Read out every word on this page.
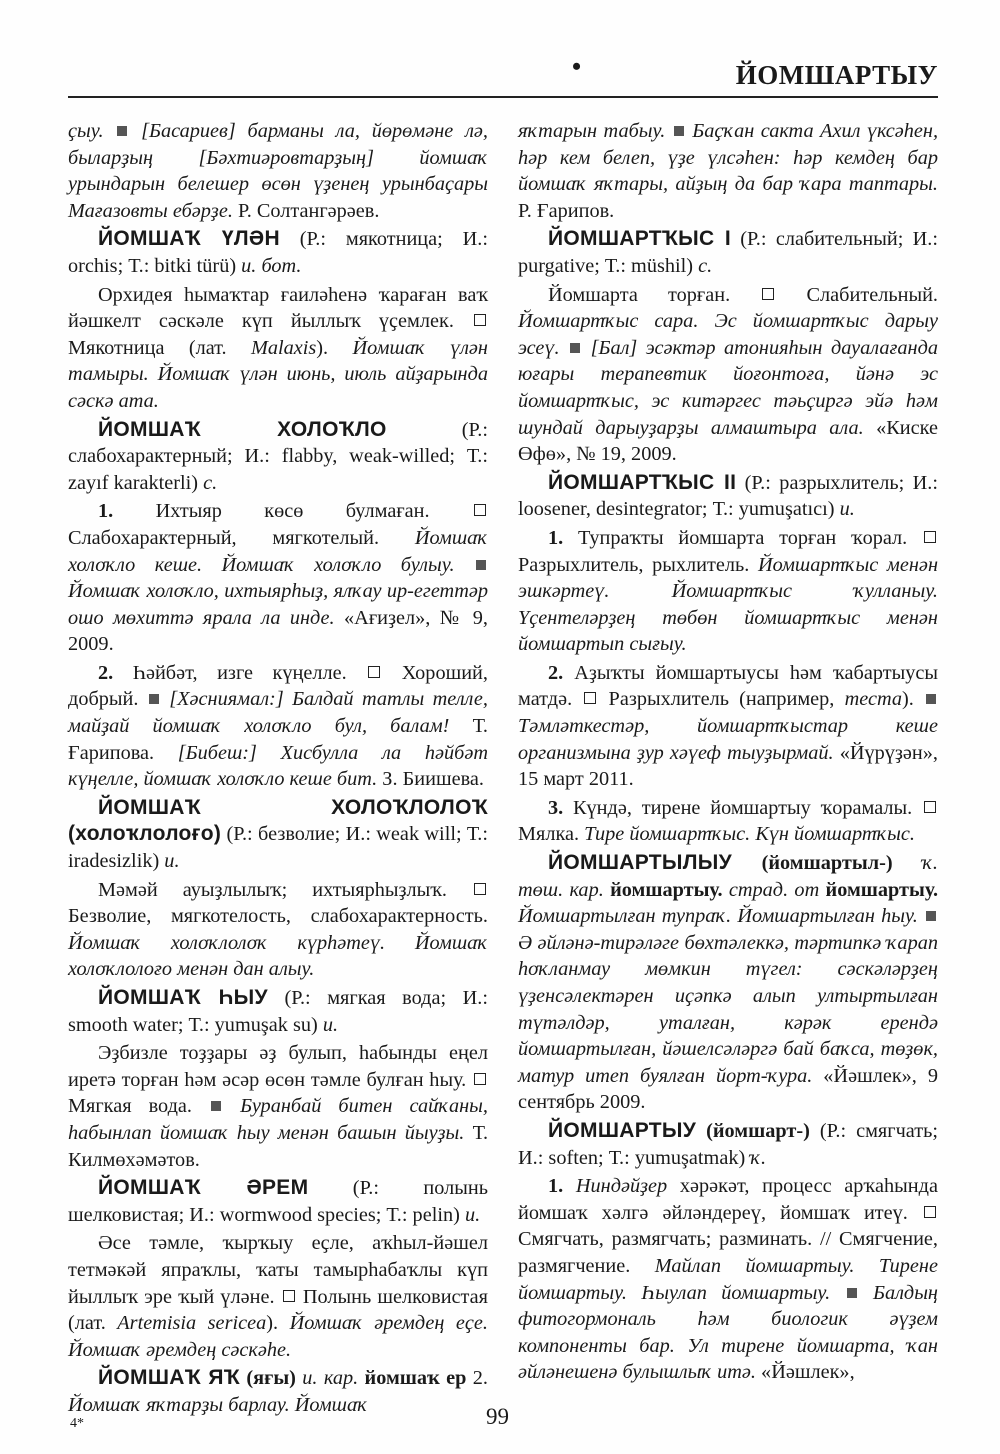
•	ЙОМШАРТЫУ

ҫыу. [Басариев] барманы ла, йөрөмәне лә, быларҙың [Бәхтиәровтарҙың] йомшаҡ урындарын белешер өсөн үҙенең урынбаҫары Мағазовты ебәрҙе. Р. Солтангәрәев.

ЙОМШАҠ ҮЛӘН (Р.: мякотница; И.: orchis; Т.: bitki türü) и. бот.

Орхидея һымаҡтар ғаиләһенә ҡараған ваҡ йәшкелт сәскәле күп йыллыҡ үҫемлек.  Мякотница (лат. Malaxis). Йомшаҡ үлән тамыры. Йомшаҡ үлән июнь, июль айҙарында сәскә ата.

ЙОМШАҠ ХОЛОҠЛО (Р.: слабохарактерный; И.: flabby, weak-willed; Т.: zayıf karakterli) с.

1. Ихтыяр көсө булмаған.  Слабохарактерный, мягкотелый. Йомшаҡ холоҡло кеше. Йомшаҡ холоҡло булыу.  Йомшаҡ холоҡло, ихтыярһыҙ, ялҡау ир-егеттәр ошо мөхиттә ярала ла инде. «Ағиҙел», № 9, 2009.

2. Һәйбәт, изге күңелле.  Хороший, добрый.  [Хәсниямал:] Балдай татлы телле, майҙай йомшаҡ холоҡло бул, балам! Т. Ғарипова. [Бибеш:] Хисбулла ла һәйбәт күңелле, йомшаҡ холоҡло кеше бит. З. Биишева.

ЙОМШАҠ ХОЛОҠЛОЛОҠ (холоҡлолоғо) (Р.: безволие; И.: weak will; Т.: iradesizlik) и.

Мәмәй ауыҙлылыҡ; ихтыярһыҙлыҡ.  Безволие, мягкотелость, слабохарактерность. Йомшаҡ холоҡлолоҡ күрһәтеү. Йомшаҡ холоҡлолоғо менән дан алыу.

ЙОМШАҠ ҺЫУ (Р.: мягкая вода; И.: smooth water; Т.: yumuşak su) и.

Эҙбизле тоҙҙары әҙ булып, һабынды еңел иретә торған һәм әсәр өсөн тәмле булған һыу.  Мягкая вода.  Буранбай битен сайҡаны, һабынлап йомшаҡ һыу менән башын йыуҙы. Т. Килмөхәмәтов.

ЙОМШАҠ ӘРЕМ (Р.: полынь шелковистая; И.: wormwood species; Т.: pelin) и.

Әсе тәмле, ҡырҡыу еҫле, аҡһыл-йәшел тетмәкәй япраҡлы, ҡаты тамырһабаҡлы күп йыллыҡ эре ҡый үләне.  Полынь шелковистая (лат. Artemisia sericea). Йомшаҡ әремдең еҫе. Йомшаҡ әремдең сәскәһе.

ЙОМШАҠ ЯҠ (яғы) и. кар. йомшаҡ ер 2. Йомшаҡ яҡтарҙы барлау. Йомшаҡ

яҡтарын табыу. Баҫҡан сакта Ахил үксәһен, һәр кем белеп, үҙе үлсәһен: һәр кемдең бар йомшаҡ яҡтары, айҙың да бар ҡара таптары. Р. Ғарипов.

ЙОМШАРТҠЫС I (Р.: слабительный; И.: purgative; Т.: müshil) с.

Йомшарта торған.  Слабительный. Йомшартҡыс сара. Эс йомшартҡыс дарыу эсеү. [Бал] эсәктәр атонияһын дауалағанда юғары терапевтик йоғонтоға, йәнә эс йомшартҡыс, эс китәргес тәьҫиргә эйә һәм шундай дарыуҙарҙы алмаштыра ала. «Киске Өфө», № 19, 2009.

ЙОМШАРТҠЫС II (Р.: разрыхлитель; И.: loosener, desintegrator; Т.: yumuşatıcı) и.

1. Тупраҡты йомшарта торған ҡорал.  Разрыхлитель, рыхлитель. Йомшартҡыс менән эшкәртеү. Йомшартҡыс ҡулланыу. Үҫентеләрҙең төбөн йомшартҡыс менән йомшартып сығыу.

2. Аҙыҡты йомшартыусы һәм ҡабартыусы матдә.  Разрыхлитель (например, теста).  Тәмләткестәр, йомшартҡыстар кеше организмына ҙур хәүеф тыуҙырмай. «Йүрүҙән», 15 март 2011.

3. Күндә, тирене йомшартыу ҡорамалы.  Мялка. Тире йомшартҡыс. Күн йомшартҡыс.

ЙОМШАРТЫЛЫУ (йомшартыл-) ҡ. төш. кар. йомшартыу. страд. от йомшартыу. Йомшартылған тупраҡ. Йомшартылған һыу.  Ә әйләнә-тирәләге бөхтәлеккә, тәртипкә ҡарап һоҡланмау мөмкин түгел: сәскәләрҙең үҙенсәлектәрен иҫәпкә алып ултыртылған түтәлдәр, уталған, кәрәк ерендә йомшартылған, йәшелсәләргә бай баҡса, төҙөк, матур итеп буялған йорт-ҡура. «Йәшлек», 9 сентябрь 2009.

ЙОМШАРТЫУ (йомшарт-) (Р.: смягчать; И.: soften; Т.: yumuşatmak) ҡ.

1. Ниндәйҙер хәрәкәт, процесс арҡаһында йомшаҡ хәлгә әйләндереү, йомшаҡ итеү.  Смягчать, размягчать; разминать. // Смягчение, размягчение. Майлап йомшартыу. Тирене йомшартыу. Һыулап йомшартыу. Балдың фитогормональ һәм биологик әүҙем компоненты бар. Ул тирене йомшарта, ҡан әйләнешенә булышлыҡ итә. «Йәшлек»,

4*	99
